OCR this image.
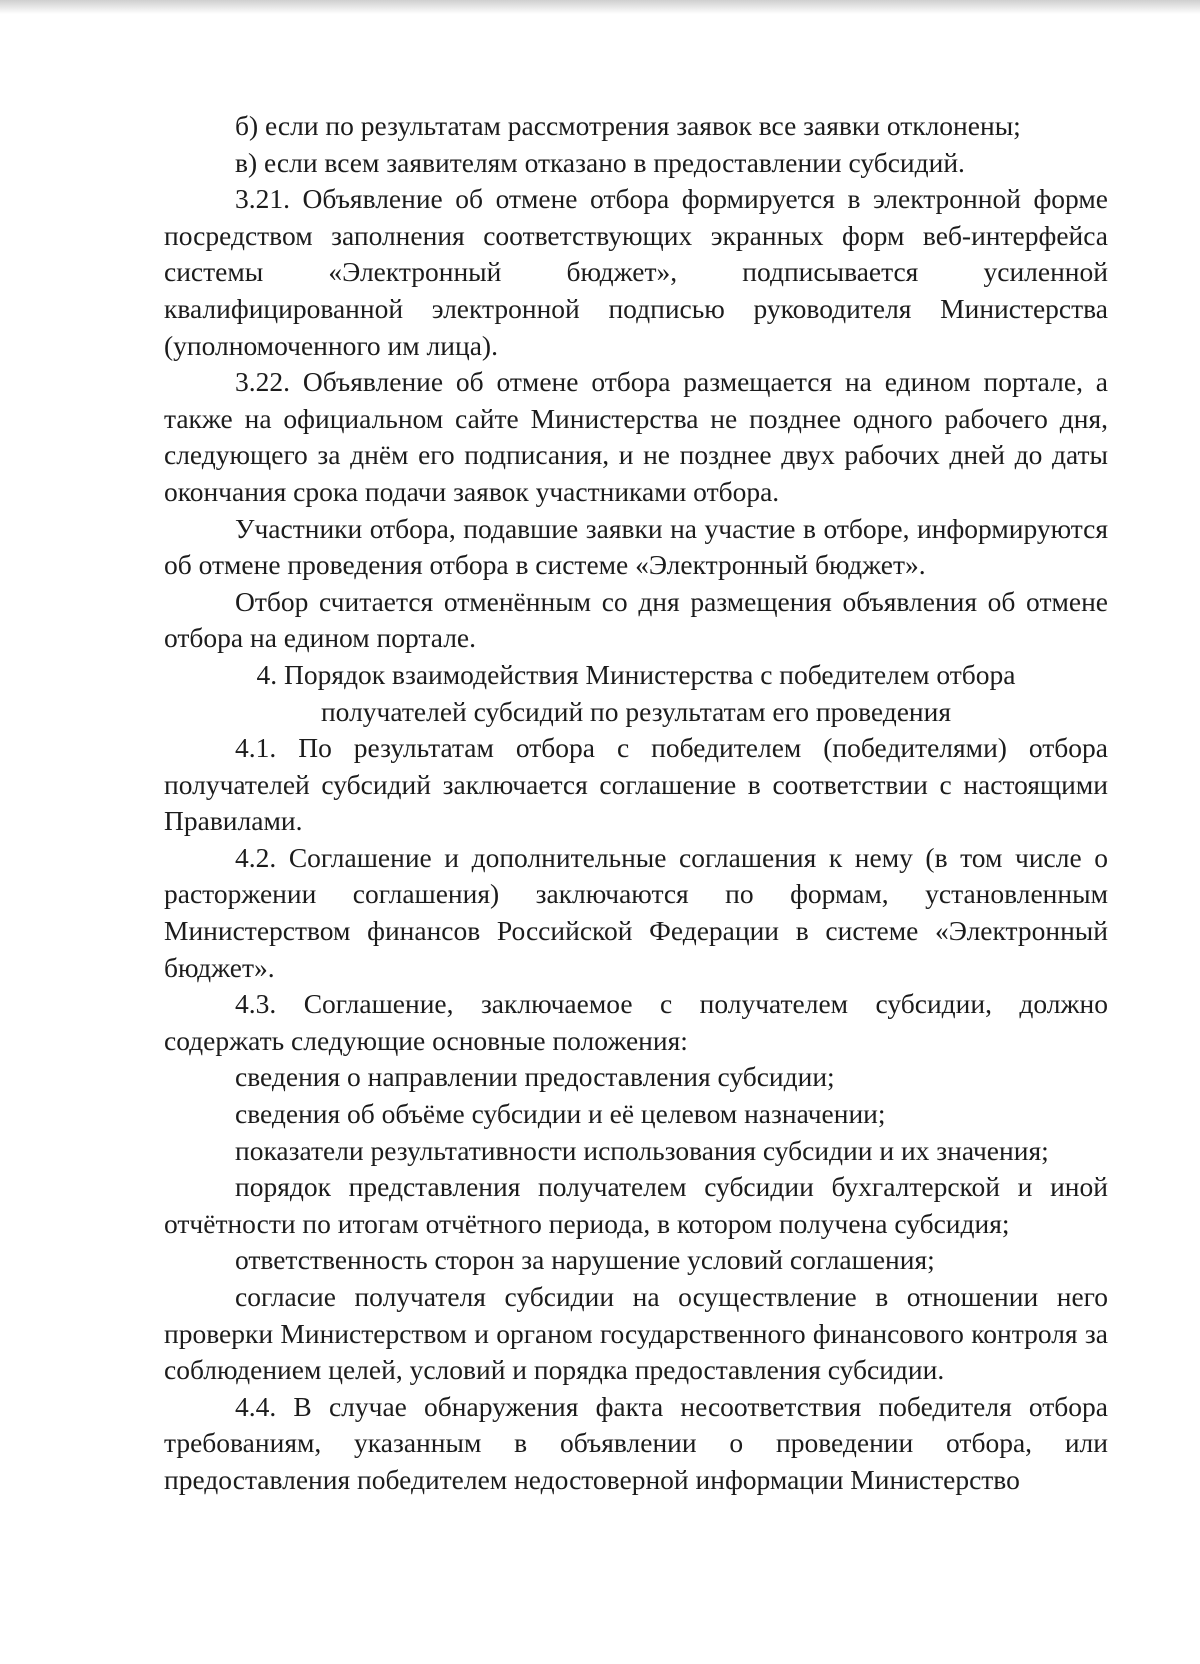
б) если по результатам рассмотрения заявок все заявки отклонены;

в) если всем заявителям отказано в предоставлении субсидий.

3.21. Объявление об отмене отбора формируется в электронной форме посредством заполнения соответствующих экранных форм веб-интерфейса системы «Электронный бюджет», подписывается усиленной квалифицированной электронной подписью руководителя Министерства (уполномоченного им лица).

3.22. Объявление об отмене отбора размещается на едином портале, а также на официальном сайте Министерства не позднее одного рабочего дня, следующего за днём его подписания, и не позднее двух рабочих дней до даты окончания срока подачи заявок участниками отбора.

Участники отбора, подавшие заявки на участие в отборе, информируются об отмене проведения отбора в системе «Электронный бюджет».

Отбор считается отменённым со дня размещения объявления об отмене отбора на едином портале.

4. Порядок взаимодействия Министерства с победителем отбора

получателей субсидий по результатам его проведения

4.1. По результатам отбора с победителем (победителями) отбора получателей субсидий заключается соглашение в соответствии с настоящими Правилами.

4.2. Соглашение и дополнительные соглашения к нему (в том числе о расторжении соглашения) заключаются по формам, установленным Министерством финансов Российской Федерации в системе «Электронный бюджет».

4.3. Соглашение, заключаемое с получателем субсидии, должно содержать следующие основные положения:

сведения о направлении предоставления субсидии;

сведения об объёме субсидии и её целевом назначении;

показатели результативности использования субсидии и их значения;

порядок представления получателем субсидии бухгалтерской и иной отчётности по итогам отчётного периода, в котором получена субсидия;

ответственность сторон за нарушение условий соглашения;

согласие получателя субсидии на осуществление в отношении него проверки Министерством и органом государственного финансового контроля за соблюдением целей, условий и порядка предоставления субсидии.

4.4. В случае обнаружения факта несоответствия победителя отбора требованиям, указанным в объявлении о проведении отбора, или предоставления победителем недостоверной информации Министерство
